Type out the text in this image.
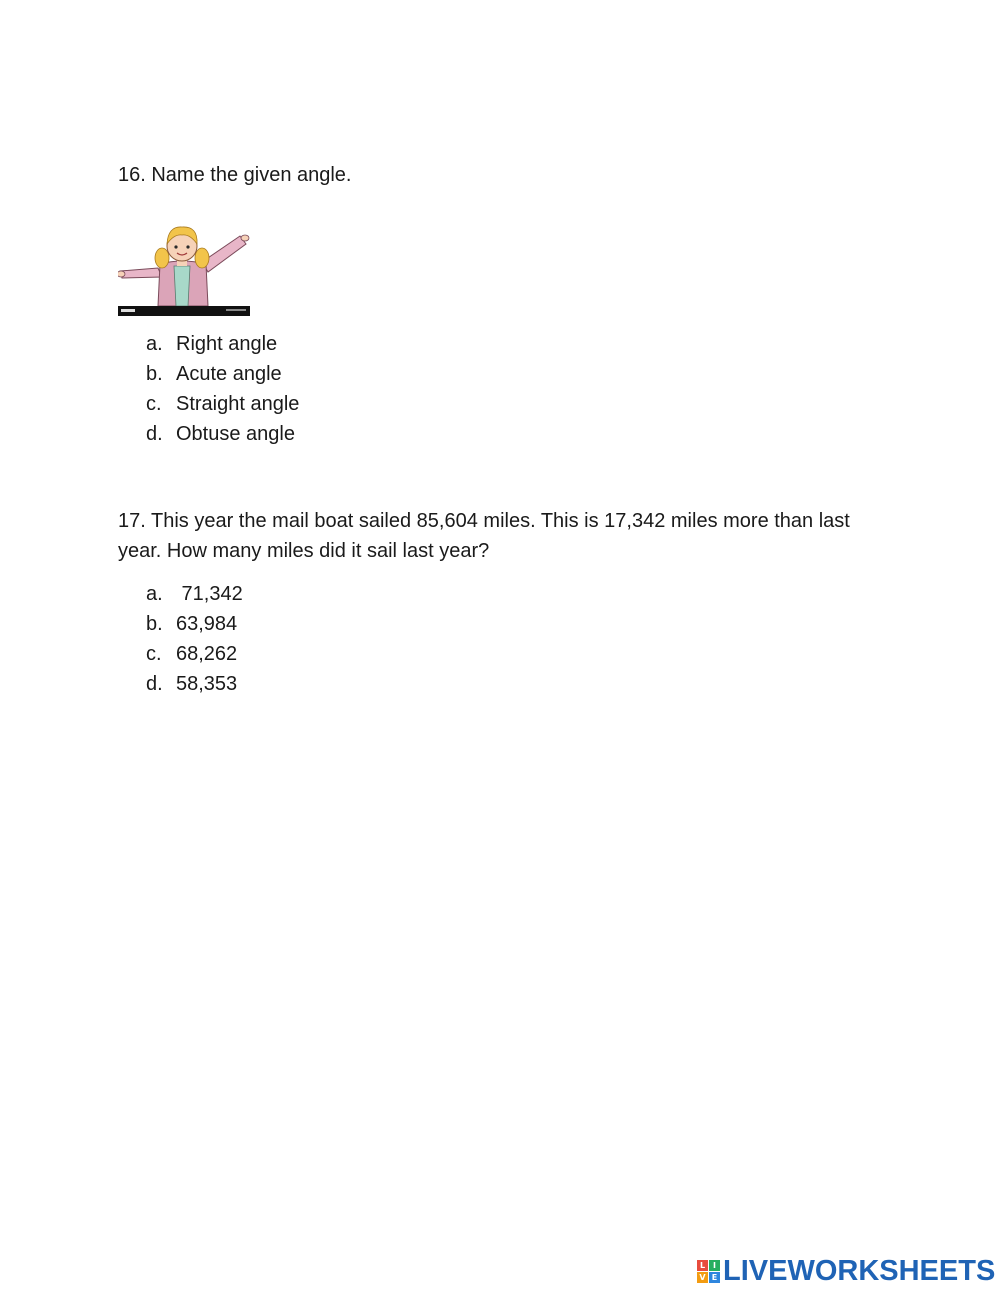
16. Name the given angle.
a. Right angle
b. Acute angle
c. Straight angle
d. Obtuse angle
17. This year the mail boat sailed 85,604 miles. This is 17,342 miles more than last year. How many miles did it sail last year?
a. 71,342
b. 63,984
c. 68,262
d. 58,353
L I
V E LIVEWORKSHEETS
